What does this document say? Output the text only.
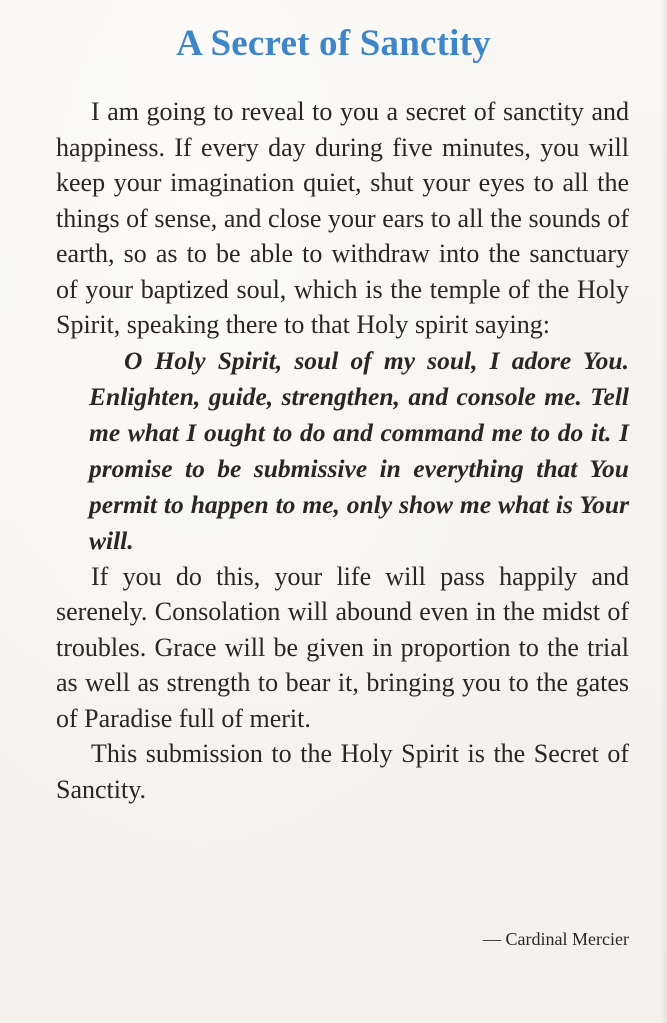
A Secret of Sanctity

I am going to reveal to you a secret of sanctity and happiness. If every day during five minutes, you will keep your imagination quiet, shut your eyes to all the things of sense, and close your ears to all the sounds of earth, so as to be able to withdraw into the sanctuary of your baptized soul, which is the temple of the Holy Spirit, speaking there to that Holy spirit saying:

O Holy Spirit, soul of my soul, I adore You. Enlighten, guide, strengthen, and console me. Tell me what I ought to do and command me to do it. I promise to be submissive in everything that You permit to happen to me, only show me what is Your will.

If you do this, your life will pass happily and serenely. Consolation will abound even in the midst of troubles. Grace will be given in proportion to the trial as well as strength to bear it, bringing you to the gates of Paradise full of merit.

This submission to the Holy Spirit is the Secret of Sanctity.

— Cardinal Mercier
